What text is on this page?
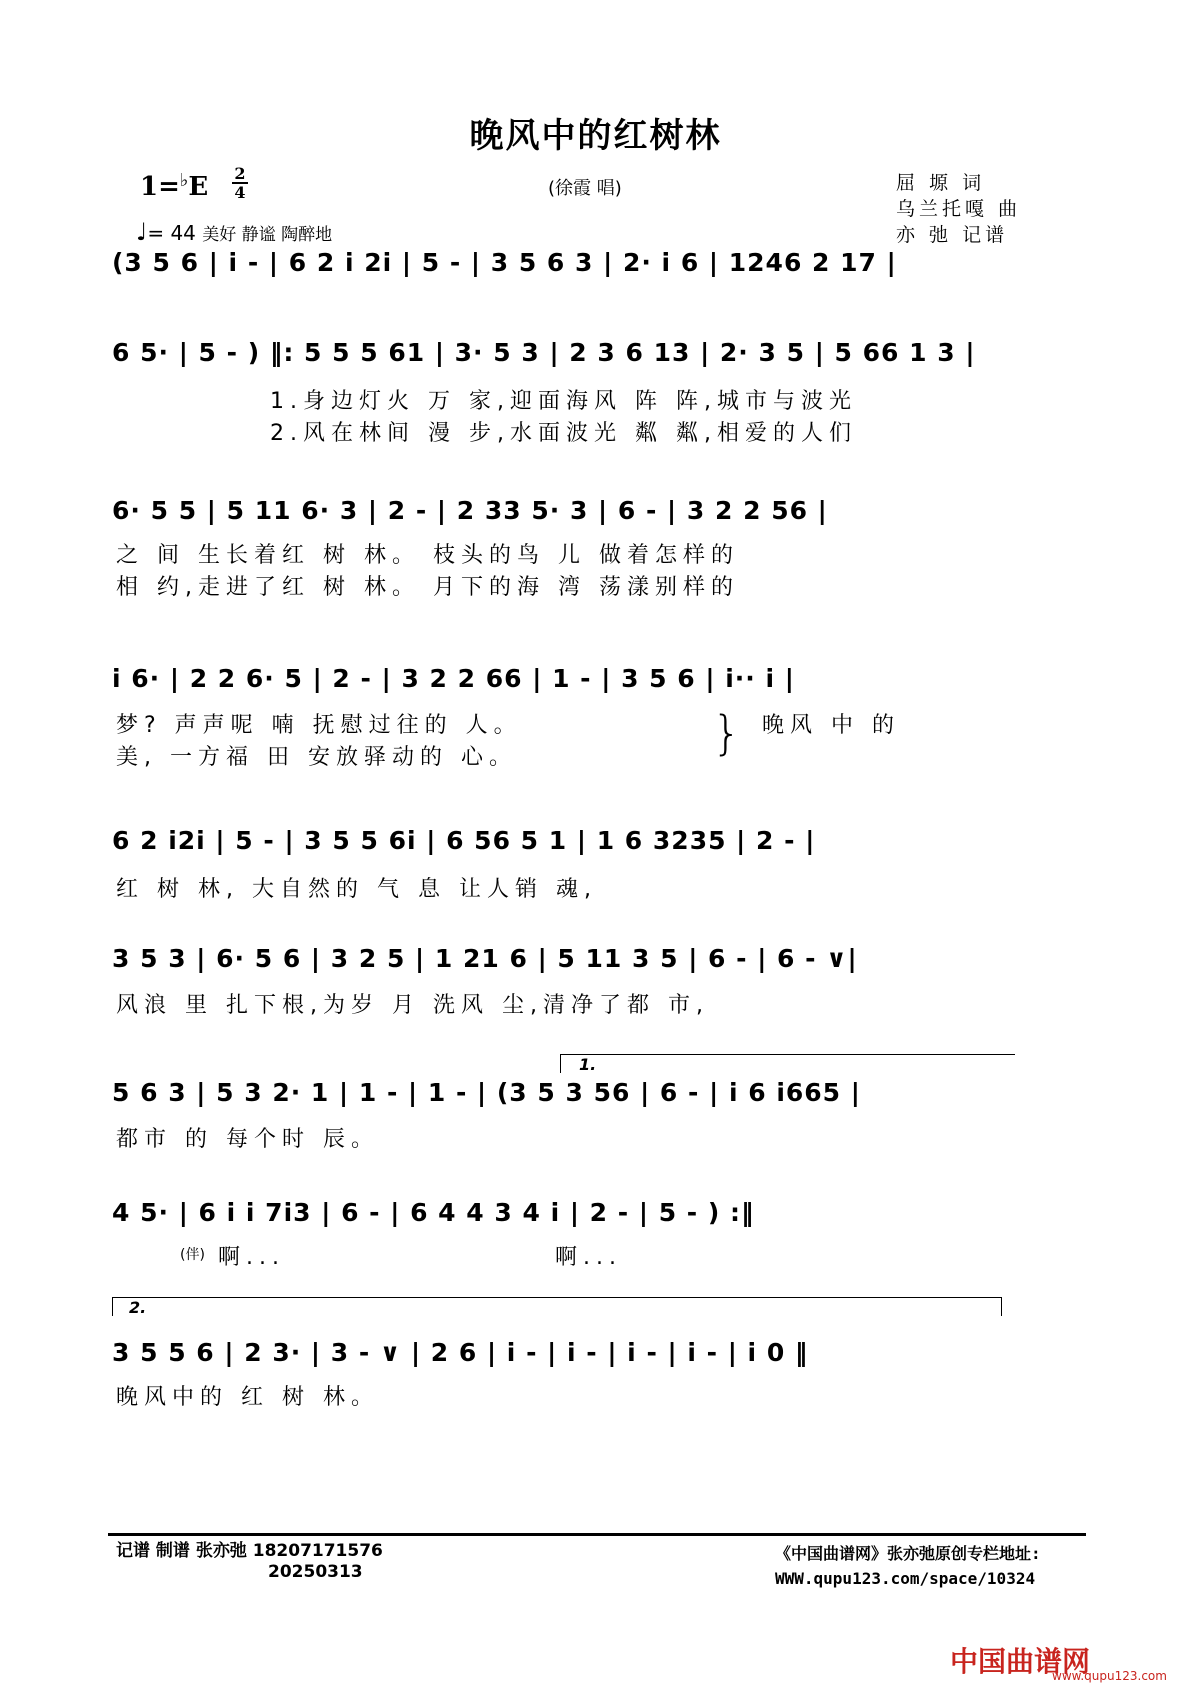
晚风中的红树林
1=♭E 2
4
♩= 44 美好 静谧 陶醉地
(徐霞 唱)	屈 塬 词
乌兰托嘎 曲
亦 弛 记谱
(3 5 6 | i - | 6 2 i 2i | 5 - | 3 5 6 3 | 2· i 6 | 1246 2 17 |
6 5· | 5 - ) ‖: 5 5 5 61 | 3· 5 3 | 2 3 6 13 | 2· 3 5 | 5 66 1 3 |
1.身边灯火 万 家,迎面海风 阵 阵,城市与波光
2.风在林间 漫 步,水面波光 粼 粼,相爱的人们
6· 5 5 | 5 11 6· 3 | 2 - | 2 33 5· 3 | 6 - | 3 2 2 56 |
之 间 生长着红 树 林。 枝头的鸟 儿 做着怎样的
相 约,走进了红 树 林。 月下的海 湾 荡漾别样的
i 6· | 2 2 6· 5 | 2 - | 3 2 2 66 | 1 - | 3 5 6 | i·· i |
梦? 声声呢 喃 抚慰过往的 人。
美, 一方福 田 安放驿动的 心。	} 晚风 中 的
6 2 i2i | 5 - | 3 5 5 6i | 6 56 5 1 | 1 6 3235 | 2 - |
红 树 林, 大自然的 气 息 让人销 魂,
3 5 3 | 6· 5 6 | 3 2 5 | 1 21 6 | 5 11 3 5 | 6 - | 6 - ∨|
风浪 里 扎下根,为岁 月 洗风 尘,清净了都 市,
1.
5 6 3 | 5 3 2· 1 | 1 - | 1 - | (3 5 3 56 | 6 - | i 6 i665 |
都市 的 每个时 辰。
4 5· | 6 i i 7i3 | 6 - | 6 4 4 3 4 i | 2 - | 5 - ) :‖
(伴) 啊...	啊...
2.
3 5 5 6 | 2 3· | 3 - ∨ | 2 6 | i - | i - | i - | i - | i 0 ‖
晚风中的 红 树 林。
记谱 制谱 张亦弛 18207171576
20250313
《中国曲谱网》张亦弛原创专栏地址:
WWW.qupu123.com/space/10324
中国曲谱网
www.qupu123.com
